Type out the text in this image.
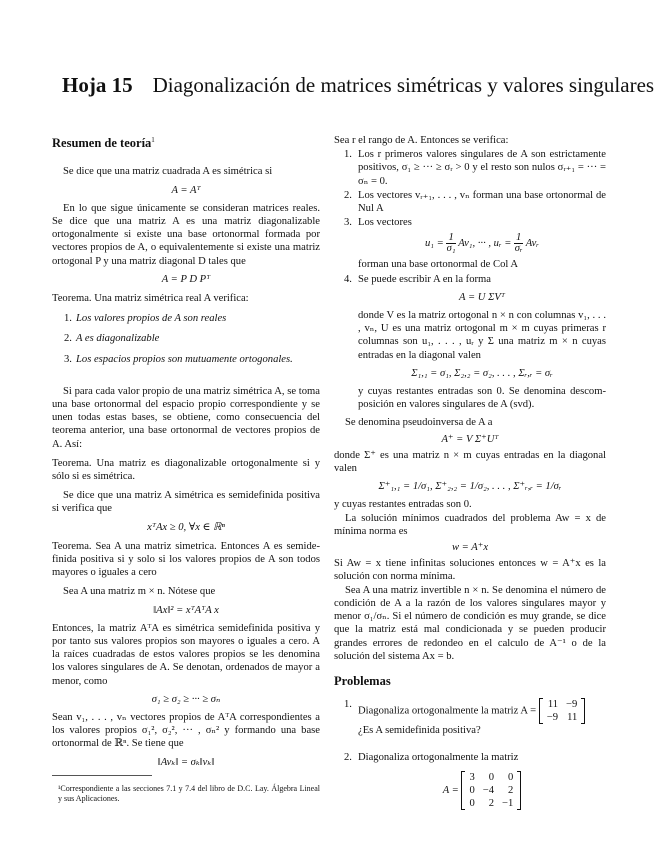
Hoja 15 Diagonalización de matrices simétricas y valores singulares

Resumen de teoría$^1$

Se dice que una matriz cuadrada A es simétrica si

A = Aᵀ

En lo que sigue únicamente se consideran matrices reales. Se dice que una matriz A es una matriz diagonalizable ortogonalmente si existe una base ortonormal formada por vectores propios de A, o equivalentemente si existe una matriz ortogonal P y una matriz diagonal D tales que

A = P D Pᵀ

Teorema. Una matriz simétrica real A verifica:

1. Los valores propios de A son reales
2. A es diagonalizable
3. Los espacios propios son mutuamente ortogonales.

Si para cada valor propio de una matriz simétrica A, se toma una base ortonormal del espacio propio correspondiente y se unen todas estas bases, se obtiene, como consecuencia del teorema anterior, una base ortonormal de vectores propios de A. Así:

Teorema. Una matriz es diagonalizable ortogonalmente si y sólo si es simétrica.

Se dice que una matriz A simétrica es semidefinida positiva si verifica que

xᵀAx ≥ 0, ∀x ∈ ℝⁿ

Teorema. Sea A una matriz simetrica. Entonces A es semide-finida positiva si y solo si los valores propios de A son todos mayores o iguales a cero

Sea A una matriz m × n. Nótese que

‖Ax‖² = xᵀAᵀA x

Entonces, la matriz AᵀA es simétrica semidefinida positiva y por tanto sus valores propios son mayores o iguales a cero. A la raíces cuadradas de estos valores propios se les denomina los valores singulares de A. Se denotan, ordenados de mayor a menor, como

σ₁ ≥ σ₂ ≥ ··· ≥ σₙ

Sean v₁, . . . , vₙ vectores propios de AᵀA correspondientes a los valores propios σ₁², σ₂², ··· , σₙ² y formando una base ortonormal de ℝⁿ. Se tiene que

‖Avₖ‖ = σₖ‖vₖ‖

¹Correspondiente a las secciones 7.1 y 7.4 del libro de D.C. Lay. Álgebra Lineal y sus Aplicaciones.

Sea r el rango de A. Entonces se verifica:

1. Los r primeros valores singulares de A son estrictamente positivos, σ₁ ≥ ··· ≥ σᵣ > 0 y el resto son nulos σᵣ₊₁ = ··· = σₙ = 0.
2. Los vectores vᵣ₊₁, . . . , vₙ forman una base ortonormal de Nul A
3. Los vectores
$u_1 = \frac{1}{\text{σ₁}} Av_1$, ··· , uᵣ = $\frac{1}{\text{σᵣ}}$ Avᵣ
forman una base ortonormal de Col A
4. Se puede escribir A en la forma
A = U ΣVᵀ
donde V es la matriz ortogonal n × n con columnas v₁, . . . , vₙ, U es una matriz ortogonal m × m cuyas primeras r columnas son u₁, . . . , uᵣ y Σ una matriz m × n cuyas entradas en la diagonal valen
Σ₁,₁ = σ₁, Σ₂,₂ = σ₂, . . . , Σᵣ,ᵣ = σᵣ
y cuyas restantes entradas son 0. Se denomina descom-posición en valores singulares de A (svd).

Se denomina pseudoinversa de A a

A⁺ = V Σ⁺Uᵀ

donde Σ⁺ es una matriz n × m cuyas entradas en la diagonal valen

Σ⁺₁,₁ = 1/σ₁, Σ⁺₂,₂ = 1/σ₂, . . . , Σ⁺ᵣ,ᵣ = 1/σᵣ

y cuyas restantes entradas son 0.

La solución mínimos cuadrados del problema Aw = x de mínima norma es

w = A⁺x

Si Aw = x tiene infinitas soluciones entonces w = A⁺x es la solución con norma mínima.

Sea A una matriz invertible n × n. Se denomina el número de condición de A a la razón de los valores singulares mayor y menor σ₁/σₙ. Si el número de condición es muy grande, se dice que la matriz está mal condicionada y se pueden producir grandes errores de redondeo en el calculo de A⁻¹ o de la solución del sistema Ax = b.

Problemas

1.
Diagonaliza ortogonalmente la matriz A =
11	−9
−9	11
¿Es A semidefinida positiva?
2. Diagonaliza ortogonalmente la matriz
A =
3	0	0
0	−4	2
0	2	−1
